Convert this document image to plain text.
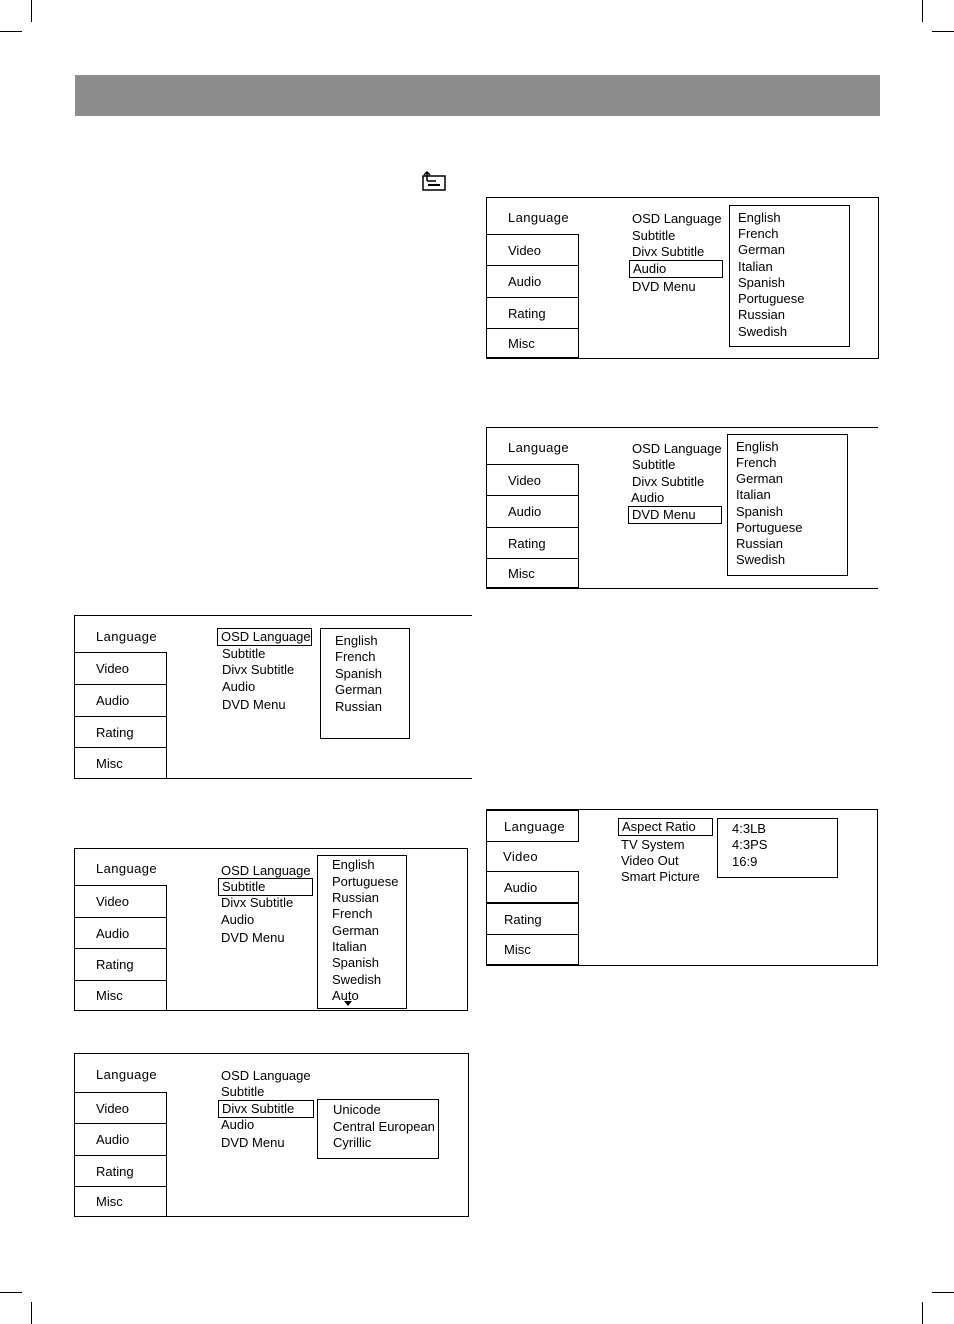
Language
Video
Audio
Rating
Misc
OSD Language
Subtitle
Divx Subtitle
Audio
DVD Menu
English
French
Spanish
German
Russian
Language
Video
Audio
Rating
Misc
OSD Language
Subtitle
Divx Subtitle
Audio
DVD Menu
English
Portuguese
Russian
French
German
Italian
Spanish
Swedish
Auto
Language
Video
Audio
Rating
Misc
OSD Language
Subtitle
Divx Subtitle
Audio
DVD Menu
Unicode
Central European
Cyrillic
Language
Video
Audio
Rating
Misc
OSD Language
Subtitle
Divx Subtitle
Audio
DVD Menu
English
French
German
Italian
Spanish
Portuguese
Russian
Swedish
Language
Video
Audio
Rating
Misc
OSD Language
Subtitle
Divx Subtitle
Audio
DVD Menu
English
French
German
Italian
Spanish
Portuguese
Russian
Swedish
Language
Video
Audio
Rating
Misc
Aspect Ratio
TV System
Video Out
Smart Picture
4:3LB
4:3PS
16:9
